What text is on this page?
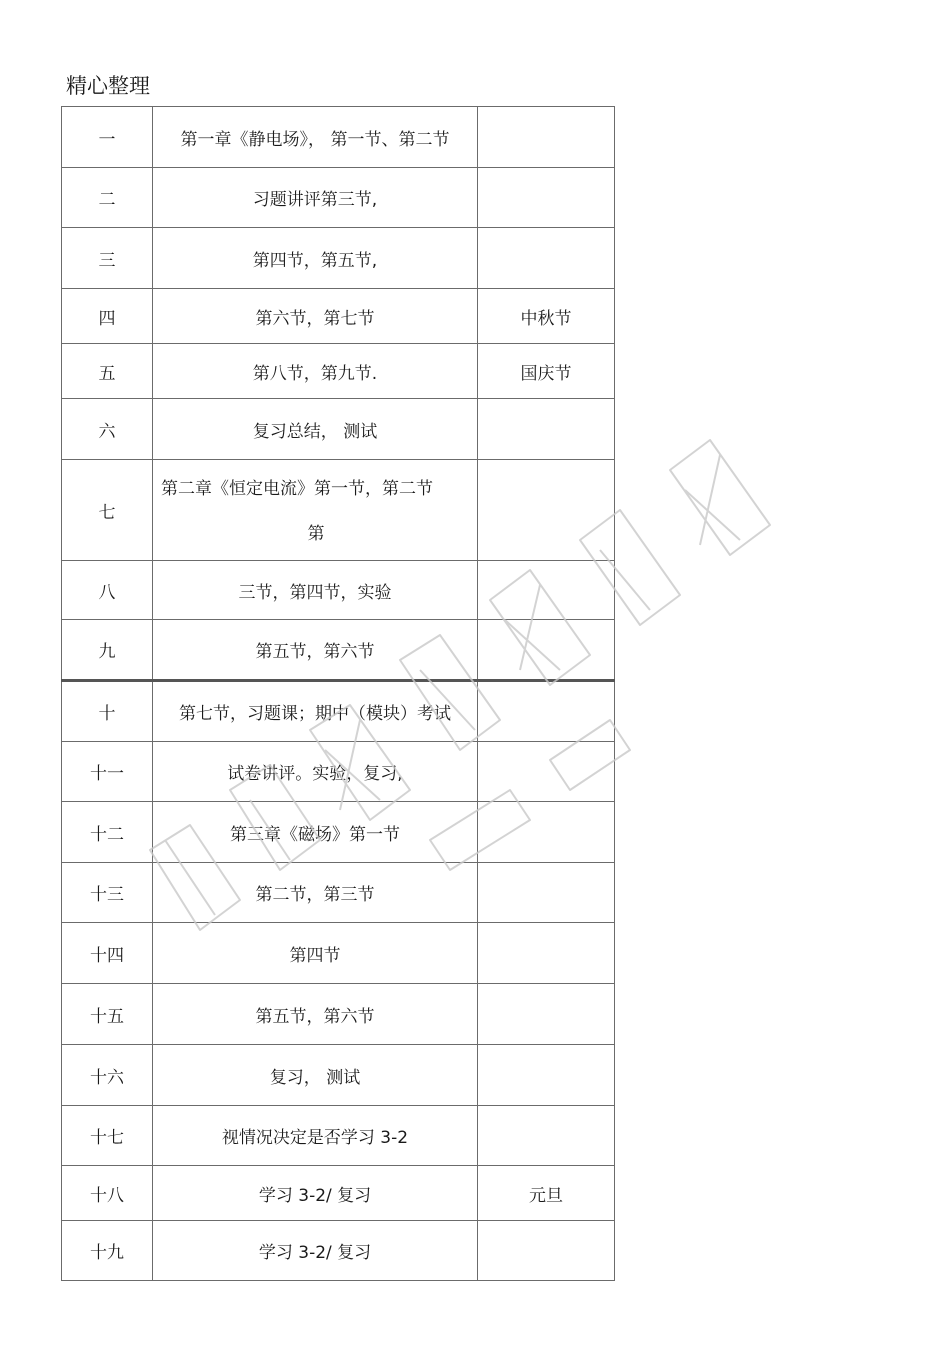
精心整理
一	第一章《静电场》， 第一节、第二节	
二	习题讲评第三节,	
三	第四节，第五节,	
四	第六节，第七节	中秋节
五	第八节，第九节.	国庆节
六	复习总结， 测试	
七	第二章《恒定电流》第一节，第二节
第	

八	三节，第四节，实验	
九	第五节，第六节	
十	第七节，习题课；期中（模块）考试	
十一	试卷讲评。实验，复习,	
十二	第三章《磁场》第一节	
十三	第二节，第三节	
十四	第四节	
十五	第五节，第六节	
十六	复习， 测试	
十七	视情况决定是否学习 3-2	
十八	学习 3-2/ 复习	元旦
十九	学习 3-2/ 复习	
